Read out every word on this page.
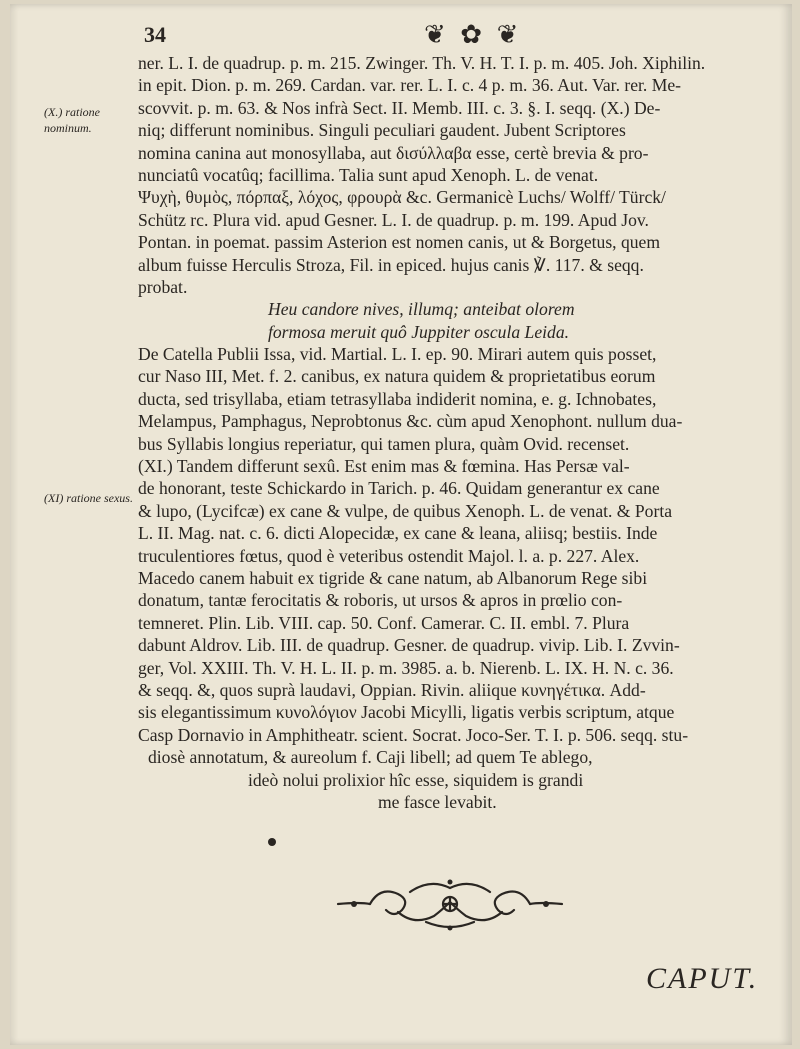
34	❦ ✿ ❦
(X.) ratione nominum.
(XI) ratione sexus.
ner. L. I. de quadrup. p. m. 215. Zwinger. Th. V. H. T. I. p. m. 405. Joh. Xiphilin.
in epit. Dion. p. m. 269. Cardan. var. rer. L. I. c. 4 p. m. 36. Aut. Var. rer. Me-
scovvit. p. m. 63. & Nos infrà Sect. II. Memb. III. c. 3. §. I. seqq. (X.) De-
niq; differunt nominibus. Singuli peculiari gaudent. Jubent Scriptores
nomina canina aut monosyllaba, aut δισύλλαβα esse, certè brevia & pro-
nunciatû vocatûq; facillima. Talia sunt apud Xenoph. L. de venat.
Ψυχὴ, θυμὸς, πόρπαξ, λόχος, φρουρὰ &c. Germanicè Luchs/ Wolff/ Türck/
Schütz rc. Plura vid. apud Gesner. L. I. de quadrup. p. m. 199. Apud Jov.
Pontan. in poemat. passim Asterion est nomen canis, ut & Borgetus, quem
album fuisse Herculis Stroza, Fil. in epiced. hujus canis ℣. 117. & seqq.
probat.
Heu candore nives, illumq; anteibat olorem
formosa meruit quô Juppiter oscula Leida.
De Catella Publii Issa, vid. Martial. L. I. ep. 90. Mirari autem quis posset,
cur Naso III, Met. f. 2. canibus, ex natura quidem & proprietatibus eorum
ducta, sed trisyllaba, etiam tetrasyllaba indiderit nomina, e. g. Ichnobates,
Melampus, Pamphagus, Neprobtonus &c. cùm apud Xenophont. nullum dua-
bus Syllabis longius reperiatur, qui tamen plura, quàm Ovid. recenset.
(XI.) Tandem differunt sexû. Est enim mas & fœmina. Has Persæ val-
de honorant, teste Schickardo in Tarich. p. 46. Quidam generantur ex cane
& lupo, (Lycifcæ) ex cane & vulpe, de quibus Xenoph. L. de venat. & Porta
L. II. Mag. nat. c. 6. dicti Alopecidæ, ex cane & leana, aliisq; bestiis. Inde
truculentiores fœtus, quod è veteribus ostendit Majol. l. a. p. 227. Alex.
Macedo canem habuit ex tigride & cane natum, ab Albanorum Rege sibi
donatum, tantæ ferocitatis & roboris, ut ursos & apros in prœlio con-
temneret. Plin. Lib. VIII. cap. 50. Conf. Camerar. C. II. embl. 7. Plura
dabunt Aldrov. Lib. III. de quadrup. Gesner. de quadrup. vivip. Lib. I. Zvvin-
ger, Vol. XXIII. Th. V. H. L. II. p. m. 3985. a. b. Nierenb. L. IX. H. N. c. 36.
& seqq. &, quos suprà laudavi, Oppian. Rivin. aliique κυνηγέτικα. Add-
sis elegantissimum κυνολόγιον Jacobi Micylli, ligatis verbis scriptum, atque
Casp Dornavio in Amphitheatr. scient. Socrat. Joco-Ser. T. I. p. 506. seqq. stu-
diosè annotatum, & aureolum f. Caji libell; ad quem Te ablego,
ideò nolui prolixior hîc esse, siquidem is grandi
me fasce levabit.
CAPUT.
